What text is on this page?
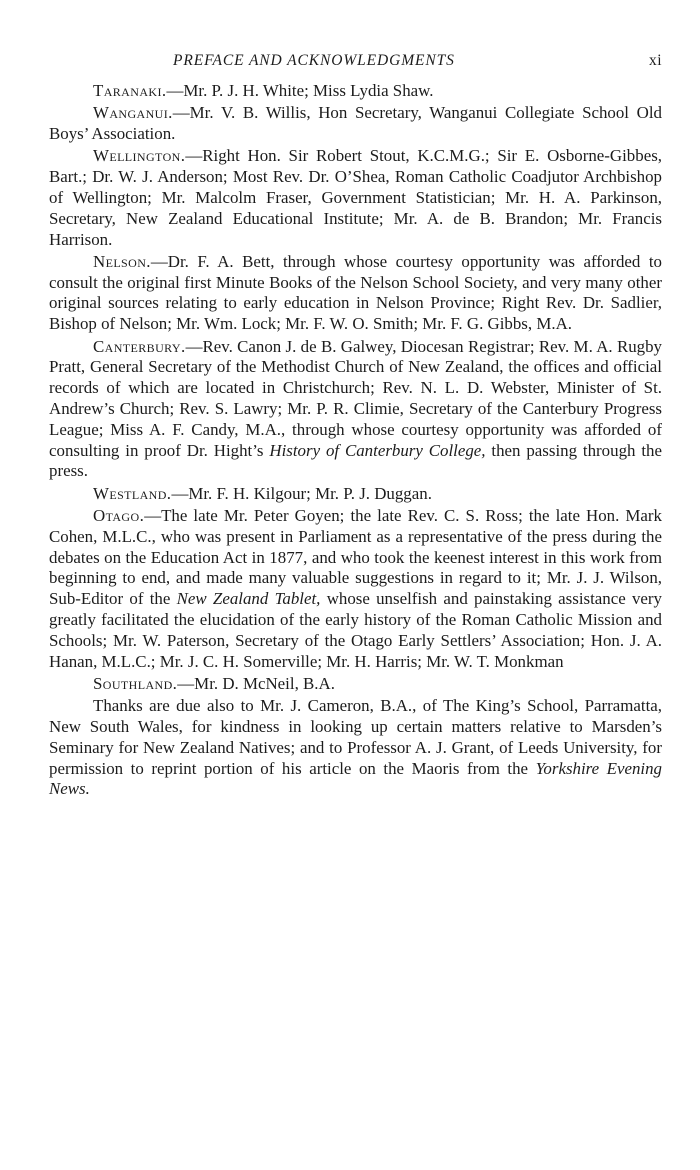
PREFACE AND ACKNOWLEDGMENTS	xi

Taranaki.—Mr. P. J. H. White; Miss Lydia Shaw.

Wanganui.—Mr. V. B. Willis, Hon Secretary, Wanganui Collegiate School Old Boys’ Association.

Wellington.—Right Hon. Sir Robert Stout, K.C.M.G.; Sir E. Osborne-Gibbes, Bart.; Dr. W. J. Anderson; Most Rev. Dr. O’Shea, Roman Catholic Coadjutor Archbishop of Wellington; Mr. Malcolm Fraser, Government Statistician; Mr. H. A. Parkinson, Secretary, New Zealand Educational Institute; Mr. A. de B. Brandon; Mr. Francis Harrison.

Nelson.—Dr. F. A. Bett, through whose courtesy opportunity was afforded to consult the original first Minute Books of the Nelson School Society, and very many other original sources relating to early education in Nelson Province; Right Rev. Dr. Sadlier, Bishop of Nelson; Mr. Wm. Lock; Mr. F. W. O. Smith; Mr. F. G. Gibbs, M.A.

Canterbury.—Rev. Canon J. de B. Galwey, Diocesan Registrar; Rev. M. A. Rugby Pratt, General Secretary of the Methodist Church of New Zealand, the offices and official records of which are located in Christchurch; Rev. N. L. D. Webster, Minister of St. Andrew’s Church; Rev. S. Lawry; Mr. P. R. Climie, Secretary of the Canterbury Progress League; Miss A. F. Candy, M.A., through whose courtesy opportunity was afforded of consulting in proof Dr. Hight’s History of Canterbury College, then passing through the press.

Westland.—Mr. F. H. Kilgour; Mr. P. J. Duggan.

Otago.—The late Mr. Peter Goyen; the late Rev. C. S. Ross; the late Hon. Mark Cohen, M.L.C., who was present in Parliament as a representative of the press during the debates on the Education Act in 1877, and who took the keenest interest in this work from beginning to end, and made many valuable suggestions in regard to it; Mr. J. J. Wilson, Sub-Editor of the New Zealand Tablet, whose unselfish and painstaking assistance very greatly facilitated the elucidation of the early history of the Roman Catholic Mission and Schools; Mr. W. Paterson, Secretary of the Otago Early Settlers’ Association; Hon. J. A. Hanan, M.L.C.; Mr. J. C. H. Somerville; Mr. H. Harris; Mr. W. T. Monkman

Southland.—Mr. D. McNeil, B.A.

Thanks are due also to Mr. J. Cameron, B.A., of The King’s School, Parramatta, New South Wales, for kindness in looking up certain matters relative to Marsden’s Seminary for New Zealand Natives; and to Professor A. J. Grant, of Leeds University, for permission to reprint portion of his article on the Maoris from the Yorkshire Evening News.
